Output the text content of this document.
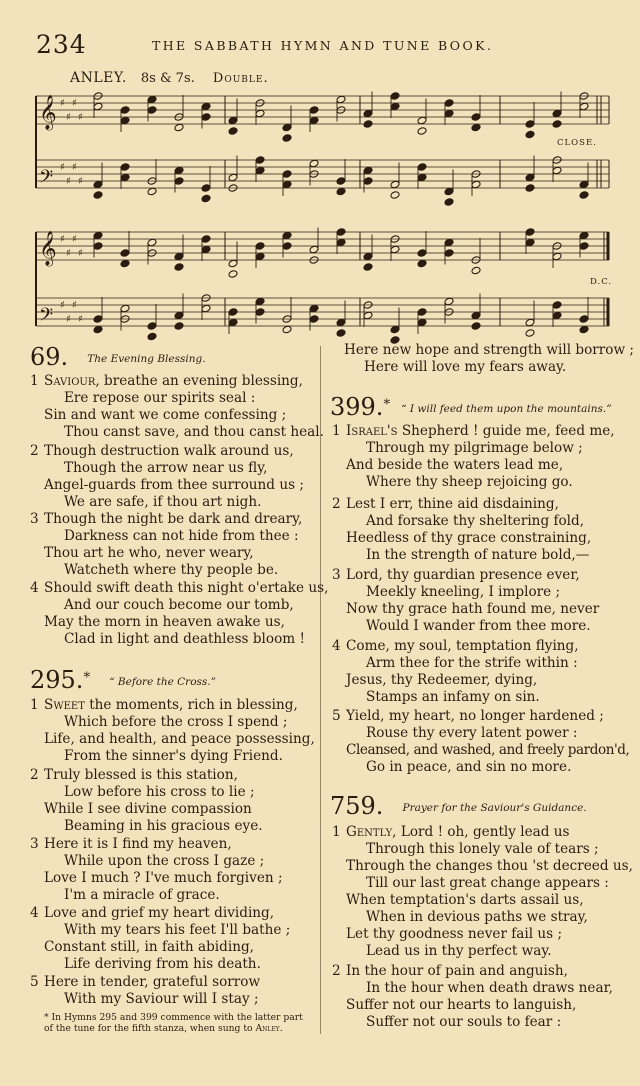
234	THE SABBATH HYMN AND TUNE BOOK.
ANLEY. 8s & 7s. Double.
𝄞 ♯
♯
♯
♯
𝄢 ♯
♯
♯
♯
𝄞 ♯
♯
♯
♯
𝄢 ♯
♯
♯
♯
CLOSE.
D.C.
69. The Evening Blessing.
1 Saviour, breathe an evening blessing,
Ere repose our spirits seal :
Sin and want we come confessing ;
Thou canst save, and thou canst heal.
2 Though destruction walk around us,
Though the arrow near us fly,
Angel-guards from thee surround us ;
We are safe, if thou art nigh.
3 Though the night be dark and dreary,
Darkness can not hide from thee :
Thou art he who, never weary,
Watcheth where thy people be.
4 Should swift death this night o'ertake us,
And our couch become our tomb,
May the morn in heaven awake us,
Clad in light and deathless bloom !
295.* “ Before the Cross.”
1 Sweet the moments, rich in blessing,
Which before the cross I spend ;
Life, and health, and peace possessing,
From the sinner's dying Friend.
2 Truly blessed is this station,
Low before his cross to lie ;
While I see divine compassion
Beaming in his gracious eye.
3 Here it is I find my heaven,
While upon the cross I gaze ;
Love I much ? I've much forgiven ;
I'm a miracle of grace.
4 Love and grief my heart dividing,
With my tears his feet I'll bathe ;
Constant still, in faith abiding,
Life deriving from his death.
5 Here in tender, grateful sorrow
With my Saviour will I stay ;
* In Hymns 295 and 399 commence with the latter part
of the tune for the fifth stanza, when sung to Anley.
Here new hope and strength will borrow ;
Here will love my fears away.
399.* “ I will feed them upon the mountains.”
1 Israel's Shepherd ! guide me, feed me,
Through my pilgrimage below ;
And beside the waters lead me,
Where thy sheep rejoicing go.
2 Lest I err, thine aid disdaining,
And forsake thy sheltering fold,
Heedless of thy grace constraining,
In the strength of nature bold,—
3 Lord, thy guardian presence ever,
Meekly kneeling, I implore ;
Now thy grace hath found me, never
Would I wander from thee more.
4 Come, my soul, temptation flying,
Arm thee for the strife within :
Jesus, thy Redeemer, dying,
Stamps an infamy on sin.
5 Yield, my heart, no longer hardened ;
Rouse thy every latent power :
Cleansed, and washed, and freely pardon'd,
Go in peace, and sin no more.
759. Prayer for the Saviour's Guidance.
1 Gently, Lord ! oh, gently lead us
Through this lonely vale of tears ;
Through the changes thou 'st decreed us,
Till our last great change appears :
When temptation's darts assail us,
When in devious paths we stray,
Let thy goodness never fail us ;
Lead us in thy perfect way.
2 In the hour of pain and anguish,
In the hour when death draws near,
Suffer not our hearts to languish,
Suffer not our souls to fear :
